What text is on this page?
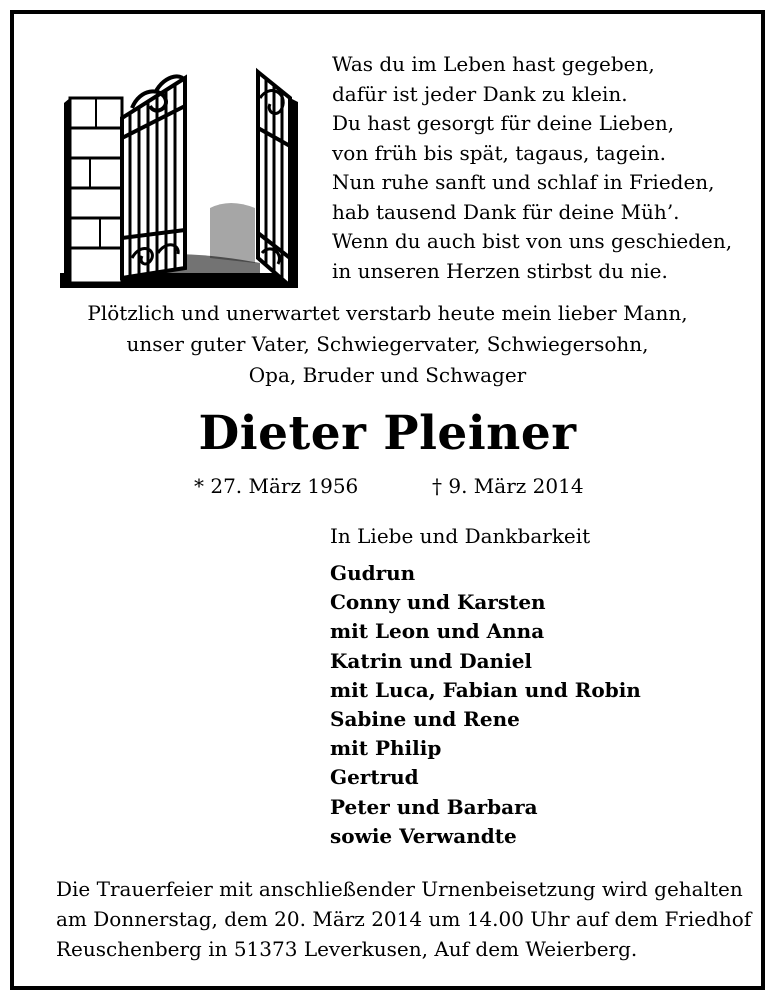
Was du im Leben hast gegeben,
dafür ist jeder Dank zu klein.
Du hast gesorgt für deine Lieben,
von früh bis spät, tagaus, tagein.
Nun ruhe sanft und schlaf in Frieden,
hab tausend Dank für deine Müh’.
Wenn du auch bist von uns geschieden,
in unseren Herzen stirbst du nie.
Plötzlich und unerwartet verstarb heute mein lieber Mann,
unser guter Vater, Schwiegervater, Schwiegersohn,
Opa, Bruder und Schwager
Dieter Pleiner
* 27. März 1956	† 9. März 2014
In Liebe und Dankbarkeit
Gudrun
Conny und Karsten
mit Leon und Anna
Katrin und Daniel
mit Luca, Fabian und Robin
Sabine und Rene
mit Philip
Gertrud
Peter und Barbara
sowie Verwandte
Die Trauerfeier mit anschließender Urnenbeisetzung wird gehalten
am Donnerstag, dem 20. März 2014 um 14.00 Uhr auf dem Friedhof
Reuschenberg in 51373 Leverkusen, Auf dem Weierberg.
